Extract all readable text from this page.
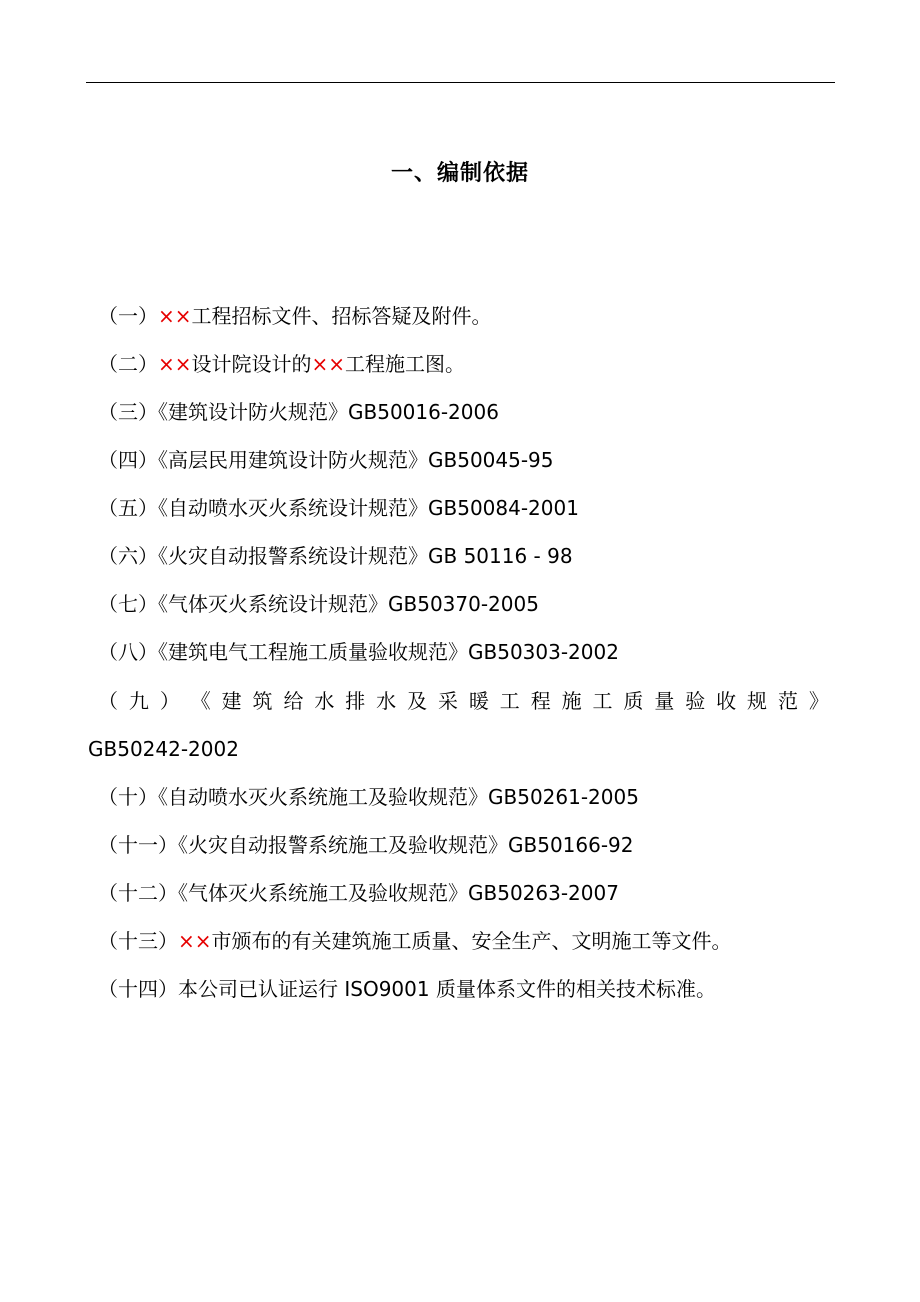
一、编制依据
（一）××工程招标文件、招标答疑及附件。
（二）××设计院设计的××工程施工图。
（三）《建筑设计防火规范》GB50016-2006
（四）《高层民用建筑设计防火规范》GB50045-95
（五）《自动喷水灭火系统设计规范》GB50084-2001
（六）《火灾自动报警系统设计规范》GB 50116 - 98
（七）《气体灭火系统设计规范》GB50370-2005
（八）《建筑电气工程施工质量验收规范》GB50303-2002
（ 九 ） 《 建 筑 给 水 排 水 及 采 暖 工 程 施 工 质 量 验 收 规 范 》
GB50242-2002
（十）《自动喷水灭火系统施工及验收规范》GB50261-2005
（十一）《火灾自动报警系统施工及验收规范》GB50166-92
（十二）《气体灭火系统施工及验收规范》GB50263-2007
（十三）××市颁布的有关建筑施工质量、安全生产、文明施工等文件。
（十四）本公司已认证运行 ISO9001 质量体系文件的相关技术标准。
